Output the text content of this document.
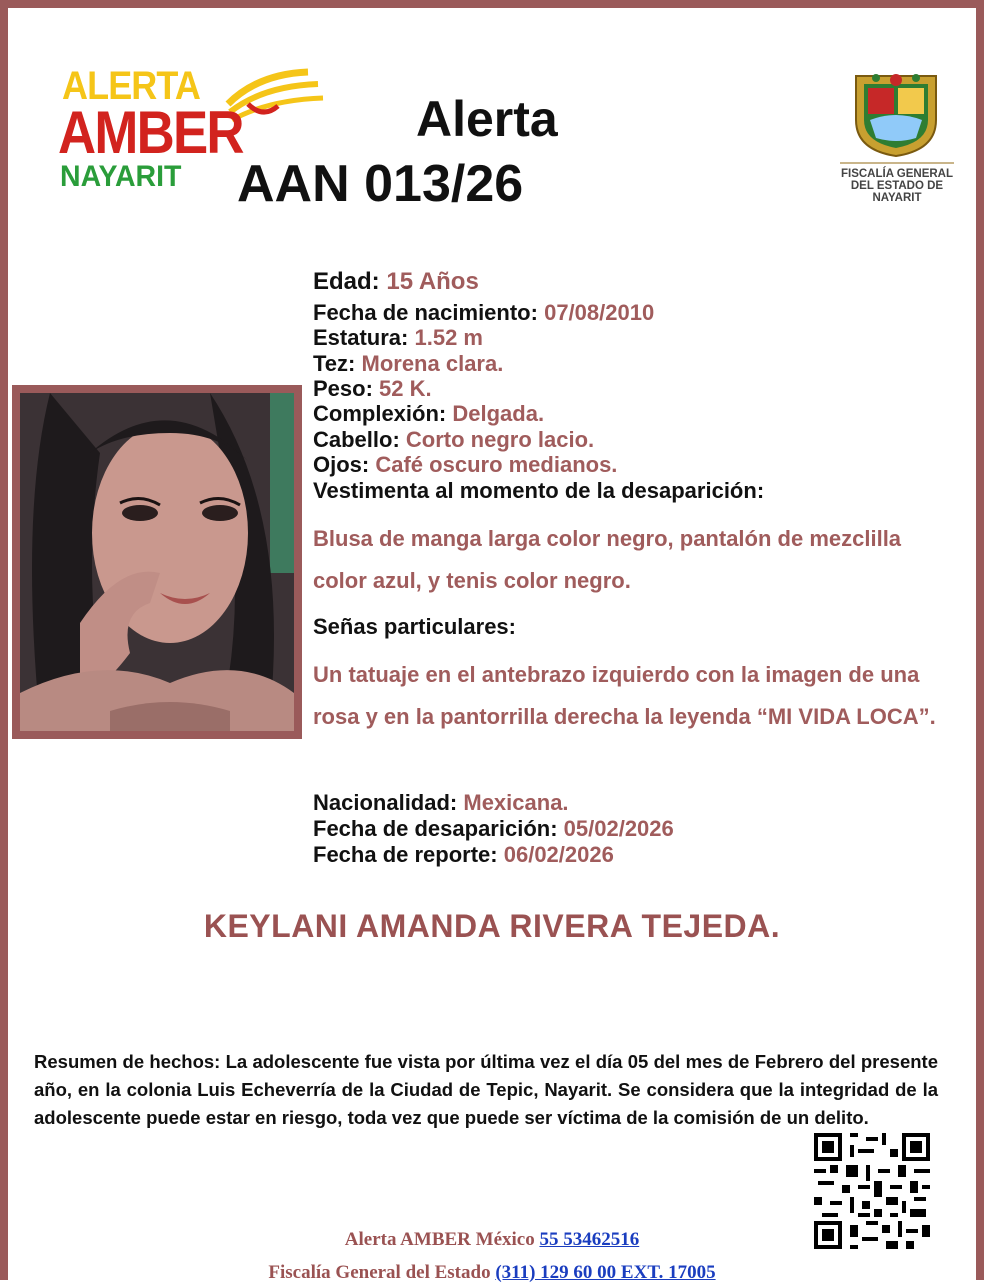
ALERTA
AMBER
NAYARIT
Alerta
AAN 013/26	FISCALÍA GENERAL DEL ESTADO DE NAYARIT
Edad: 15 Años
Fecha de nacimiento: 07/08/2010
Estatura: 1.52 m
Tez: Morena clara.
Peso: 52 K.
Complexión: Delgada.
Cabello: Corto negro lacio.
Ojos: Café oscuro medianos.
Vestimenta al momento de la desaparición:
Blusa de manga larga color negro, pantalón de mezclilla color azul, y tenis color negro.
Señas particulares:
Un tatuaje en el antebrazo izquierdo con la imagen de una rosa y en la pantorrilla derecha la leyenda “MI VIDA LOCA”.
Nacionalidad: Mexicana.
Fecha de desaparición: 05/02/2026
Fecha de reporte: 06/02/2026
KEYLANI AMANDA RIVERA TEJEDA.
Resumen de hechos: La adolescente fue vista por última vez el día 05 del mes de Febrero del presente año, en la colonia Luis Echeverría de la Ciudad de Tepic, Nayarit. Se considera que la integridad de la adolescente puede estar en riesgo, toda vez que puede ser víctima de la comisión de un delito.
Alerta AMBER México 55 53462516
Fiscalía General del Estado (311) 129 60 00 EXT. 17005
